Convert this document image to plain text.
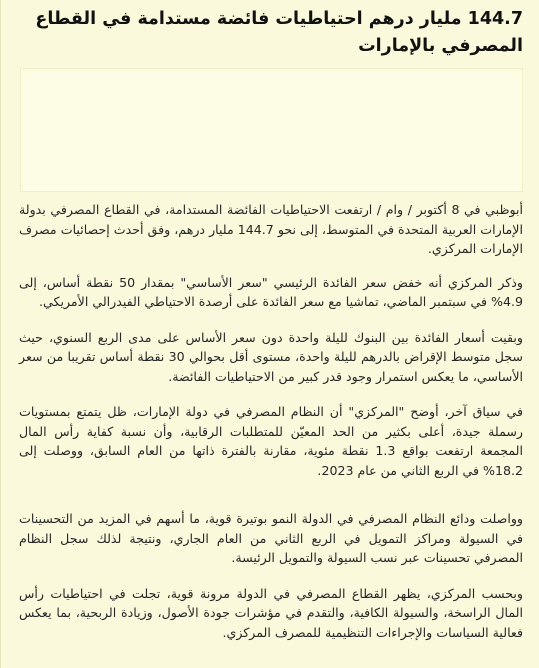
144.7 مليار درهم احتياطيات فائضة مستدامة في القطاع المصرفي بالإمارات

أبوظبي في 8 أكتوبر / وام / ارتفعت الاحتياطيات الفائضة المستدامة، في القطاع المصرفي بدولة الإمارات العربية المتحدة في المتوسط، إلى نحو 144.7 مليار درهم، وفق أحدث إحصائيات مصرف الإمارات المركزي.

وذكر المركزي أنه خفض سعر الفائدة الرئيسي "سعر الأساسي" بمقدار 50 نقطة أساس، إلى 4.9% في سبتمبر الماضي، تماشيا مع سعر الفائدة على أرصدة الاحتياطي الفيدرالي الأمريكي.

وبقيت أسعار الفائدة بين البنوك لليلة واحدة دون سعر الأساس على مدى الربع السنوي، حيث سجل متوسط الإقراض بالدرهم لليلة واحدة، مستوى أقل بحوالي 30 نقطة أساس تقريبا من سعر الأساسي، ما يعكس استمرار وجود قدر كبير من الاحتياطيات الفائضة.

في سياق آخر، أوضح "المركزي" أن النظام المصرفي في دولة الإمارات، ظل يتمتع بمستويات رسملة جيدة، أعلى بكثير من الحد المعيّن للمتطلبات الرقابية، وأن نسبة كفاية رأس المال المجمعة ارتفعت بواقع 1.3 نقطة مئوية، مقارنة بالفترة ذاتها من العام السابق، ووصلت إلى 18.2% في الربع الثاني من عام 2023.

وواصلت ودائع النظام المصرفي في الدولة النمو بوتيرة قوية، ما أسهم في المزيد من التحسينات في السيولة ومراكز التمويل في الربع الثاني من العام الجاري، ونتيجة لذلك سجل النظام المصرفي تحسينات عبر نسب السيولة والتمويل الرئيسة.

وبحسب المركزي، يظهر القطاع المصرفي في الدولة مرونة قوية، تجلت في احتياطيات رأس المال الراسخة، والسيولة الكافية، والتقدم في مؤشرات جودة الأصول، وزيادة الربحية، بما يعكس فعالية السياسات والإجراءات التنظيمية للمصرف المركزي.
